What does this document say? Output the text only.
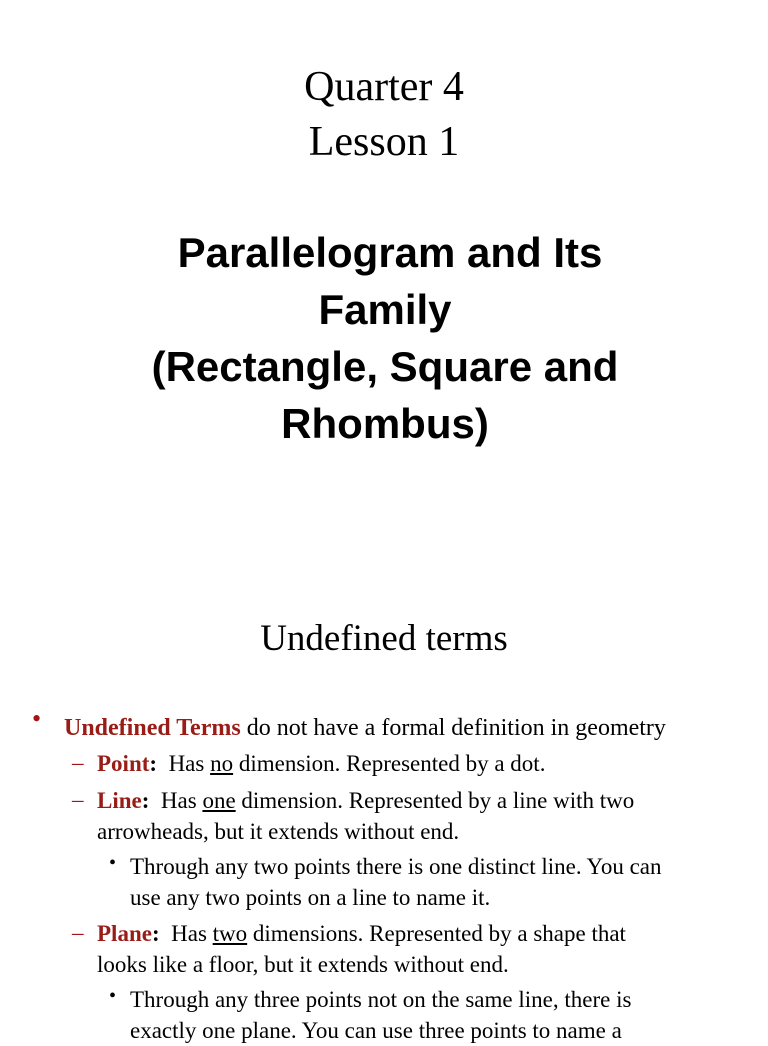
Quarter 4
Lesson 1
Parallelogram and Its
Family
(Rectangle, Square and
Rhombus)
Undefined terms
• Undefined Terms do not have a formal definition in geometry
– Point:  Has no dimension. Represented by a dot.
– Line:  Has one dimension. Represented by a line with two
arrowheads, but it extends without end.
• Through any two points there is one distinct line. You can
use any two points on a line to name it.
– Plane:  Has two dimensions. Represented by a shape that
looks like a floor, but it extends without end.
• Through any three points not on the same line, there is
exactly one plane. You can use three points to name a
